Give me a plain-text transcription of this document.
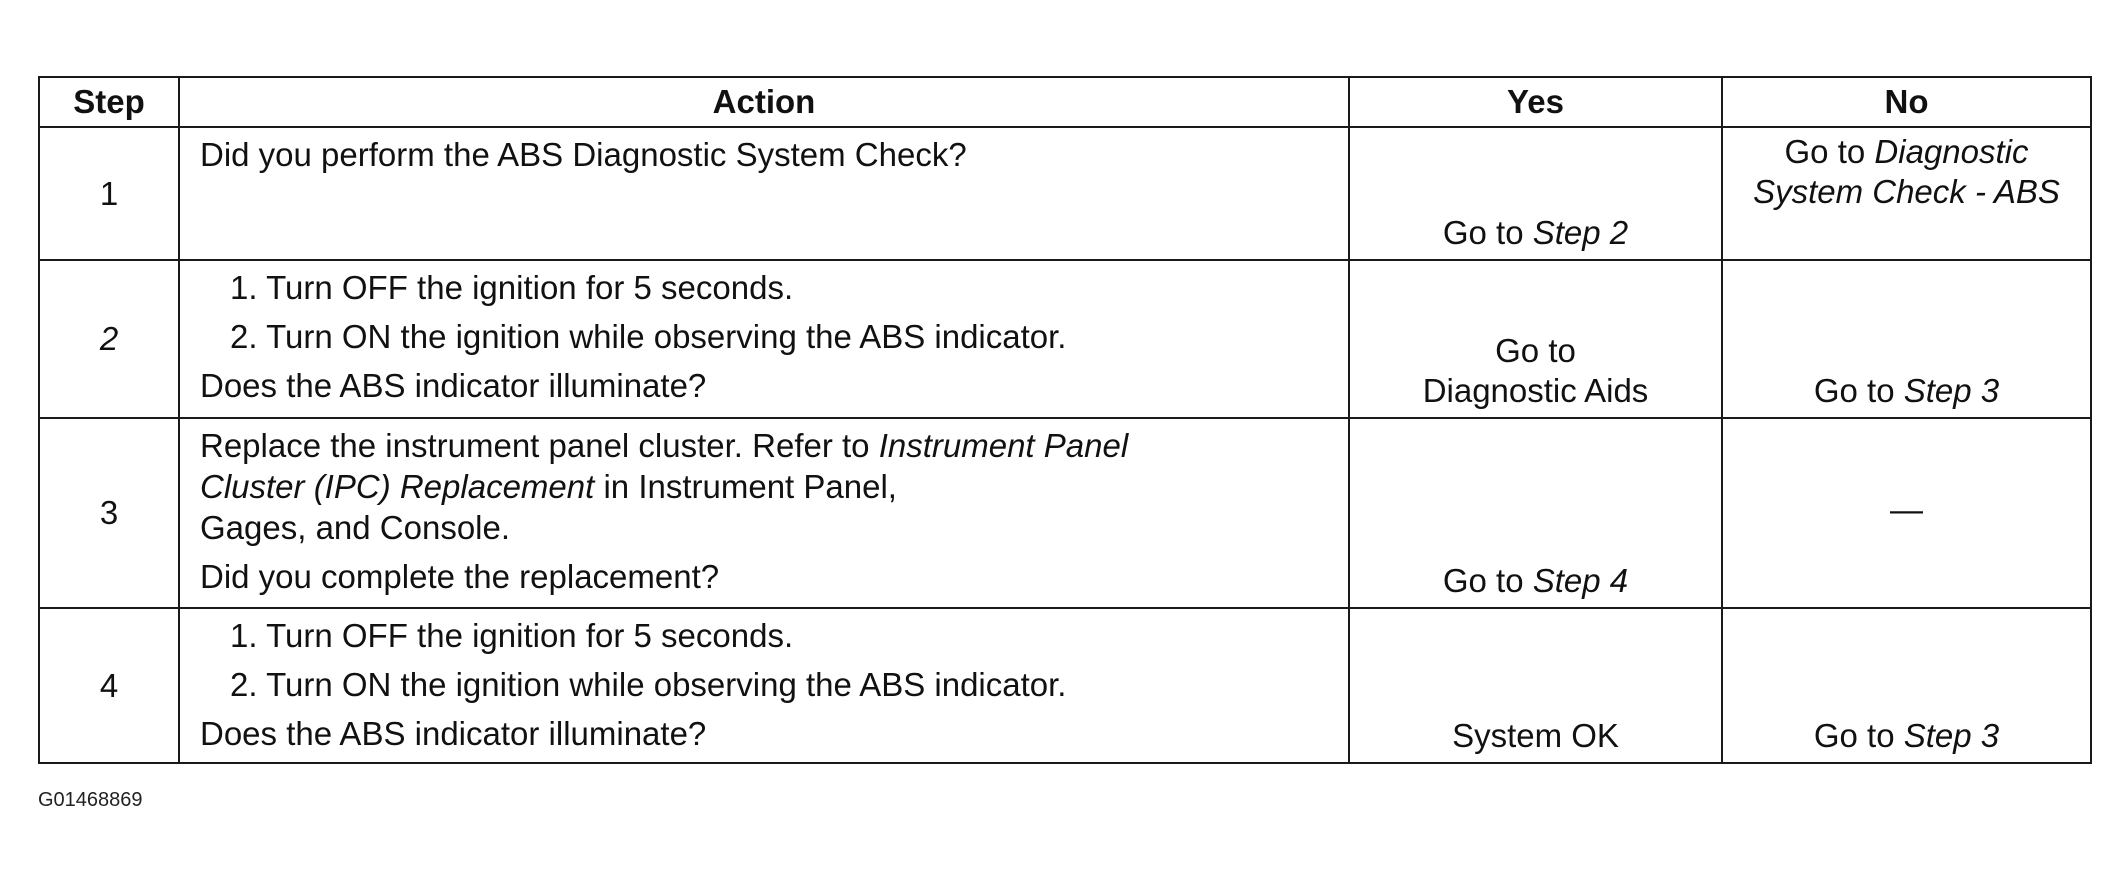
Step	Action	Yes	No
1	Did you perform the ABS Diagnostic System Check?	Go to Step 2	Go to Diagnostic
System Check - ABS
2	1. Turn OFF the ignition for 5 seconds.
2. Turn ON the ignition while observing the ABS indicator.
Does the ABS indicator illuminate?	Go to
Diagnostic Aids	Go to Step 3
3	Replace the instrument panel cluster. Refer to Instrument Panel
Cluster (IPC) Replacement in Instrument Panel,
Gages, and Console.
Did you complete the replacement?	Go to Step 4	—
4	1. Turn OFF the ignition for 5 seconds.
2. Turn ON the ignition while observing the ABS indicator.
Does the ABS indicator illuminate?	System OK	Go to Step 3
G01468869
